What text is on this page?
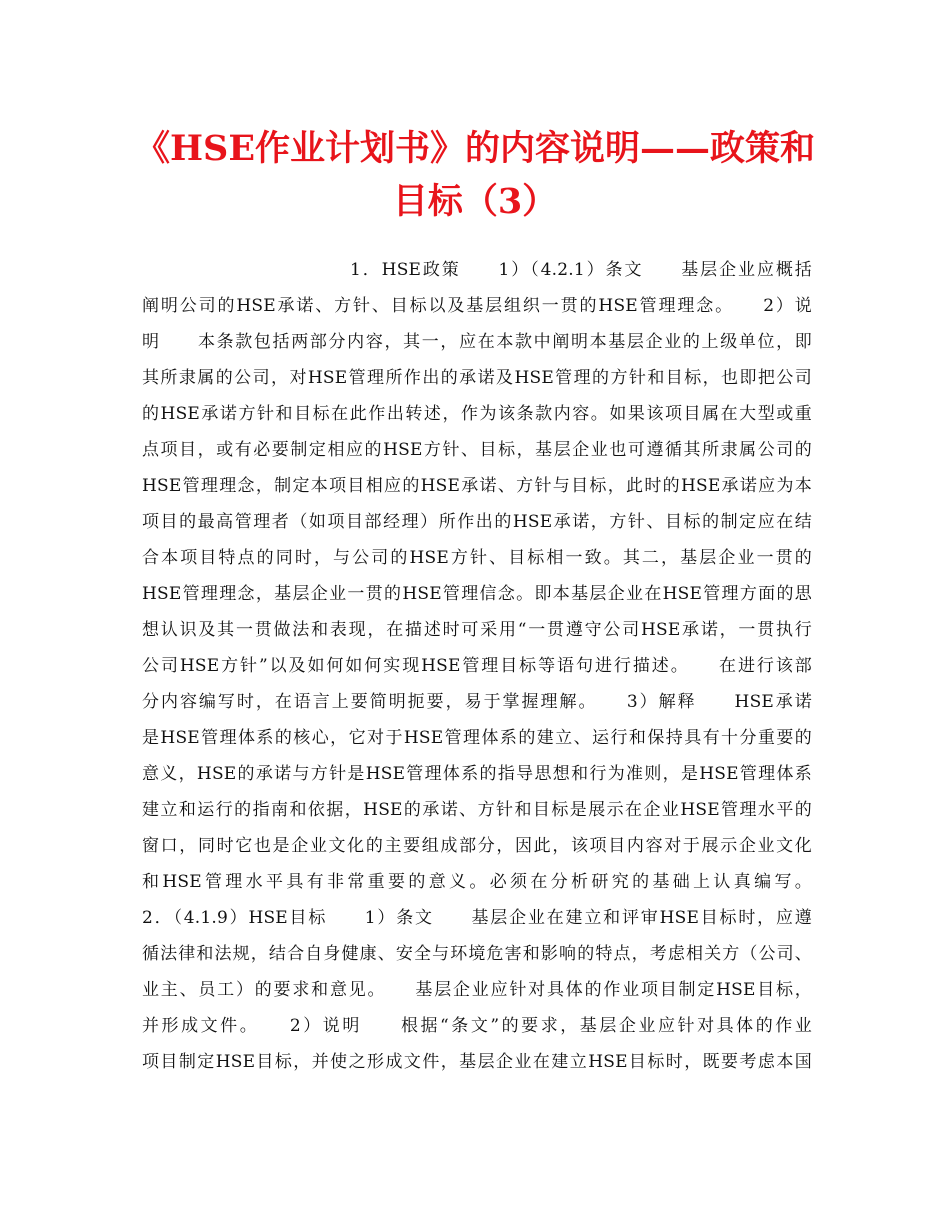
《HSE作业计划书》的内容说明——政策和
目标（3）
1．HSE政策　　1）（4.2.1）条文　　基层企业应概括
阐明公司的HSE承诺、方针、目标以及基层组织一贯的HSE管理理念。　　2）说
明　　本条款包括两部分内容，其一，应在本款中阐明本基层企业的上级单位，即
其所隶属的公司，对HSE管理所作出的承诺及HSE管理的方针和目标，也即把公司
的HSE承诺方针和目标在此作出转述，作为该条款内容。如果该项目属在大型或重
点项目，或有必要制定相应的HSE方针、目标，基层企业也可遵循其所隶属公司的
HSE管理理念，制定本项目相应的HSE承诺、方针与目标，此时的HSE承诺应为本
项目的最高管理者（如项目部经理）所作出的HSE承诺，方针、目标的制定应在结
合本项目特点的同时，与公司的HSE方针、目标相一致。其二，基层企业一贯的
HSE管理理念，基层企业一贯的HSE管理信念。即本基层企业在HSE管理方面的思
想认识及其一贯做法和表现，在描述时可采用“一贯遵守公司HSE承诺，一贯执行
公司HSE方针”以及如何如何实现HSE管理目标等语句进行描述。　　在进行该部
分内容编写时，在语言上要简明扼要，易于掌握理解。　　3）解释　　HSE承诺
是HSE管理体系的核心，它对于HSE管理体系的建立、运行和保持具有十分重要的
意义，HSE的承诺与方针是HSE管理体系的指导思想和行为准则，是HSE管理体系
建立和运行的指南和依据，HSE的承诺、方针和目标是展示在企业HSE管理水平的
窗口，同时它也是企业文化的主要组成部分，因此，该项目内容对于展示企业文化
和HSE管理水平具有非常重要的意义。必须在分析研究的基础上认真编写。
2．（4.1.9）HSE目标　　1）条文　　基层企业在建立和评审HSE目标时，应遵
循法律和法规，结合自身健康、安全与环境危害和影响的特点，考虑相关方（公司、
业主、员工）的要求和意见。　　基层企业应针对具体的作业项目制定HSE目标，
并形成文件。　　2）说明　　根据“条文”的要求，基层企业应针对具体的作业
项目制定HSE目标，并使之形成文件，基层企业在建立HSE目标时，既要考虑本国
